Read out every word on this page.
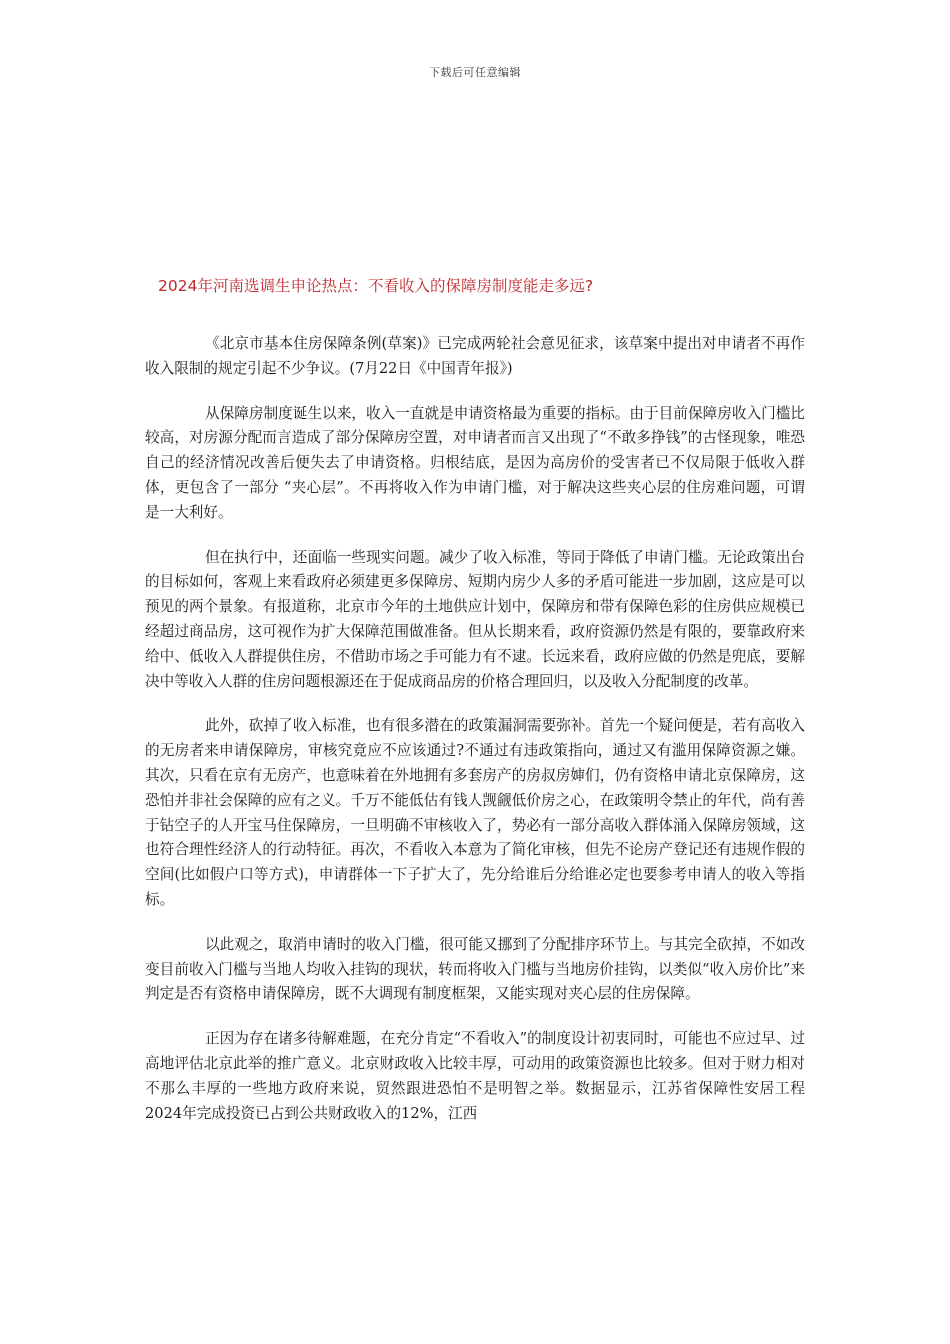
下载后可任意编辑
2024年河南选调生申论热点：不看收入的保障房制度能走多远?

《北京市基本住房保障条例(草案)》已完成两轮社会意见征求，该草案中提出对申请者不再作收入限制的规定引起不少争议。(7月22日《中国青年报》)

从保障房制度诞生以来，收入一直就是申请资格最为重要的指标。由于目前保障房收入门槛比较高，对房源分配而言造成了部分保障房空置，对申请者而言又出现了“不敢多挣钱”的古怪现象，唯恐自己的经济情况改善后便失去了申请资格。归根结底，是因为高房价的受害者已不仅局限于低收入群体，更包含了一部分 “夹心层”。不再将收入作为申请门槛，对于解决这些夹心层的住房难问题，可谓是一大利好。

但在执行中，还面临一些现实问题。减少了收入标准，等同于降低了申请门槛。无论政策出台的目标如何，客观上来看政府必须建更多保障房、短期内房少人多的矛盾可能进一步加剧，这应是可以预见的两个景象。有报道称，北京市今年的土地供应计划中，保障房和带有保障色彩的住房供应规模已经超过商品房，这可视作为扩大保障范围做准备。但从长期来看，政府资源仍然是有限的，要靠政府来给中、低收入人群提供住房，不借助市场之手可能力有不逮。长远来看，政府应做的仍然是兜底，要解决中等收入人群的住房问题根源还在于促成商品房的价格合理回归，以及收入分配制度的改革。

此外，砍掉了收入标准，也有很多潜在的政策漏洞需要弥补。首先一个疑问便是，若有高收入的无房者来申请保障房，审核究竟应不应该通过?不通过有违政策指向，通过又有滥用保障资源之嫌。其次，只看在京有无房产，也意味着在外地拥有多套房产的房叔房婶们，仍有资格申请北京保障房，这恐怕并非社会保障的应有之义。千万不能低估有钱人觊觎低价房之心，在政策明令禁止的年代，尚有善于钻空子的人开宝马住保障房，一旦明确不审核收入了，势必有一部分高收入群体涌入保障房领域，这也符合理性经济人的行动特征。再次，不看收入本意为了简化审核，但先不论房产登记还有违规作假的空间(比如假户口等方式)，申请群体一下子扩大了，先分给谁后分给谁必定也要参考申请人的收入等指标。

以此观之，取消申请时的收入门槛，很可能又挪到了分配排序环节上。与其完全砍掉，不如改变目前收入门槛与当地人均收入挂钩的现状，转而将收入门槛与当地房价挂钩，以类似“收入房价比”来判定是否有资格申请保障房，既不大调现有制度框架，又能实现对夹心层的住房保障。

正因为存在诸多待解难题，在充分肯定“不看收入”的制度设计初衷同时，可能也不应过早、过高地评估北京此举的推广意义。北京财政收入比较丰厚，可动用的政策资源也比较多。但对于财力相对不那么丰厚的一些地方政府来说，贸然跟进恐怕不是明智之举。数据显示，江苏省保障性安居工程2024年完成投资已占到公共财政收入的12%，江西
